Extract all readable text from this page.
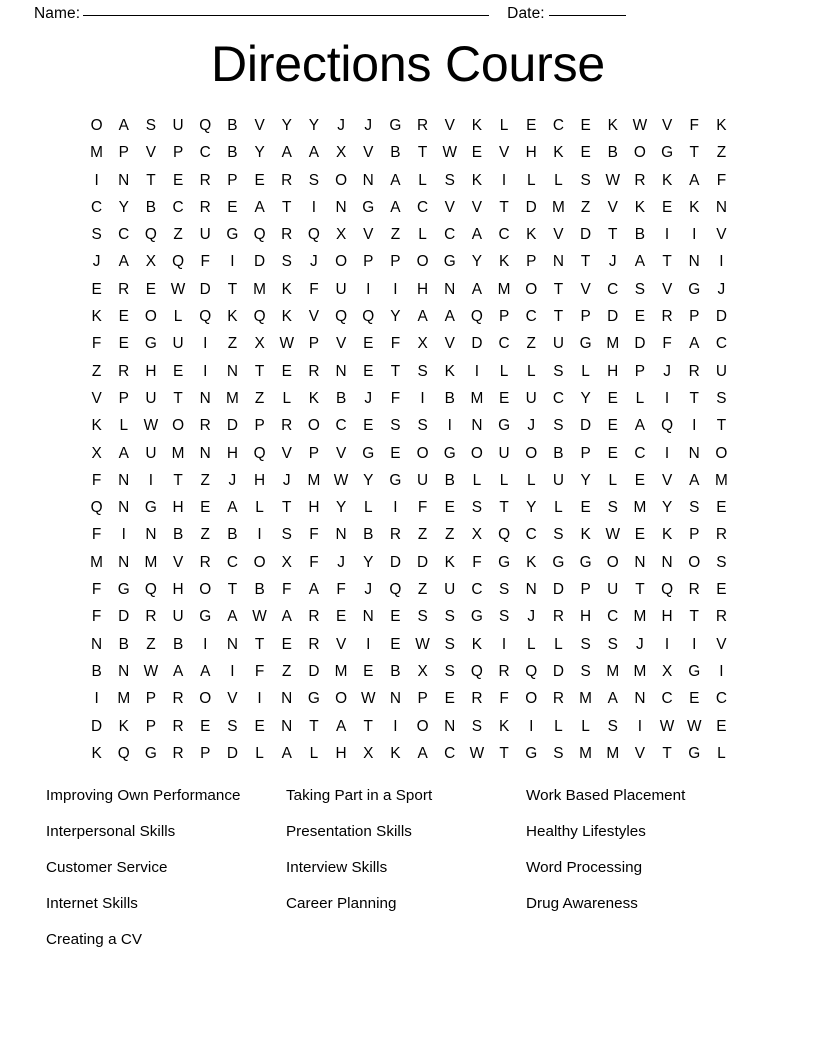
Name:	Date:
Directions Course
O	A	S	U	Q	B	V	Y	Y	J	J	G	R	V	K	L	E	C	E	K W V	F	K
M	P	V	P	C	B	Y	A	A	X	V	B	T W E	V	H	K	E	B	O G	T	Z
I	N	T	E	R	P	E	R	S	O	N	A	L	S	K	I	L	L	S W R	K	A	F
C	Y	B	C	R	E	A	T	I	N	G	A	C	V	V	T	D M	Z	V	K	E	K	N
S	C	Q	Z	U	G Q	R	Q	X	V	Z	L	C	A	C	K	V	D	T	B	I	I	V
J	A	X	Q	F	I	D	S	J	O	P	P	O G	Y	K	P	N	T	J	A	T	N	I
E	R	E W D	T	M	K	F	U	I	I	H	N	A	M O	T	V	C	S	V	G	J
K	E	O	L	Q	K	Q	K	V	Q Q	Y	A	A	Q	P	C	T	P	D	E	R	P	D
F	E	G	U	I	Z	X W P	V	E	F	X	V	D	C	Z	U	G M D	F	A	C
Z	R	H	E	I	N	T	E	R	N	E	T	S	K	I	L	L	S	L	H	P	J	R	U
V	P	U	T	N M	Z	L	K	B	J	F	I	B	M	E	U	C	Y	E	L	I	T	S
K	L	W O	R	D	P	R	O	C	E	S	S	I	N	G	J	S	D	E	A	Q	I	T
X	A	U M N	H	Q	V	P	V	G	E	O G O	U	O	B	P	E	C	I	N	O
F	N	I	T	Z	J	H	J	M W Y	G	U	B	L	L	L	U	Y	L	E	V	A	M
Q	N	G	H	E	A	L	T	H	Y	L	I	F	E	S	T	Y	L	E	S	M	Y	S	E
F	I	N	B	Z	B	I	S	F	N	B	R	Z	Z	X	Q	C	S	K W E	K	P	R
M N M	V	R	C	O	X	F	J	Y	D	D	K	F	G	K	G G O	N	N	O	S
F	G Q	H	O	T	B	F	A	F	J	Q	Z	U	C	S	N	D	P	U	T	Q	R	E
F	D	R	U	G	A W A	R	E	N	E	S	S	G	S	J	R	H	C M H	T	R
N	B	Z	B	I	N	T	E	R	V	I	E W S	K	I	L	L	S	S	J	I	I	V
B	N W A	A	I	F	Z	D M	E	B	X	S	Q	R	Q	D	S	M M	X	G	I
I	M	P	R	O	V	I	N	G O W N	P	E	R	F	O	R M	A	N	C	E	C
D	K	P	R	E	S	E	N	T	A	T	I	O	N	S	K	I	L	L	S	I	W W E
K	Q G	R	P	D	L	A	L	H	X	K	A	C W T	G	S	M M	V	T	G	L
Improving Own Performance	Taking Part in a Sport	Work Based Placement
Interpersonal Skills	Presentation Skills	Healthy Lifestyles
Customer Service	Interview Skills	Word Processing
Internet Skills	Career Planning	Drug Awareness
Creating a CV
